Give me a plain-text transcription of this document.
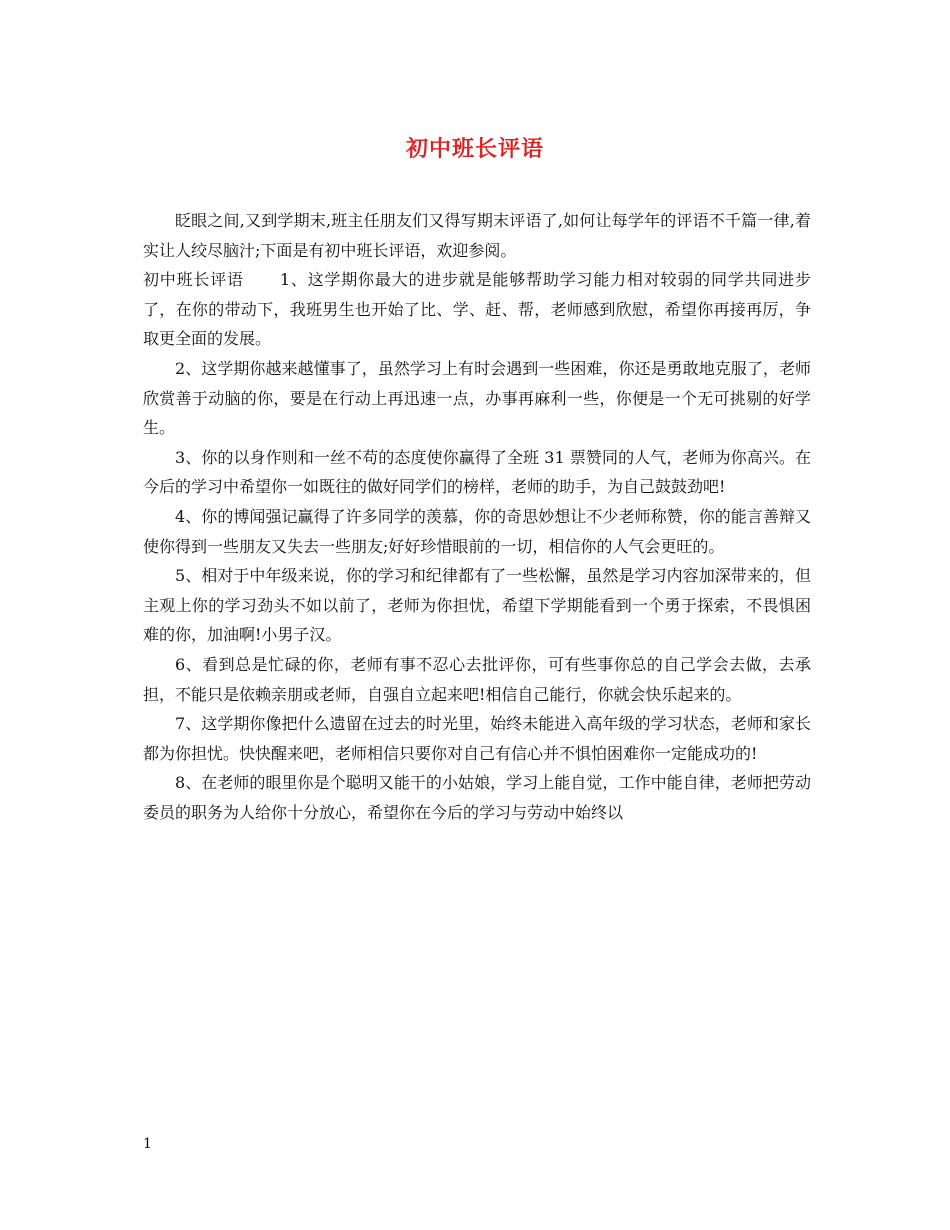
初中班长评语

眨眼之间,又到学期末,班主任朋友们又得写期末评语了,如何让每学年的评语不千篇一律,着实让人绞尽脑汁;下面是有初中班长评语，欢迎参阅。

初中班长评语 1、这学期你最大的进步就是能够帮助学习能力相对较弱的同学共同进步了，在你的带动下，我班男生也开始了比、学、赶、帮，老师感到欣慰，希望你再接再厉，争取更全面的发展。

2、这学期你越来越懂事了，虽然学习上有时会遇到一些困难，你还是勇敢地克服了，老师欣赏善于动脑的你，要是在行动上再迅速一点，办事再麻利一些，你便是一个无可挑剔的好学生。

3、你的以身作则和一丝不苟的态度使你赢得了全班 31 票赞同的人气，老师为你高兴。在今后的学习中希望你一如既往的做好同学们的榜样，老师的助手，为自己鼓鼓劲吧!

4、你的博闻强记赢得了许多同学的羡慕，你的奇思妙想让不少老师称赞，你的能言善辩又使你得到一些朋友又失去一些朋友;好好珍惜眼前的一切，相信你的人气会更旺的。

5、相对于中年级来说，你的学习和纪律都有了一些松懈，虽然是学习内容加深带来的，但主观上你的学习劲头不如以前了，老师为你担忧，希望下学期能看到一个勇于探索，不畏惧困难的你，加油啊!小男子汉。

6、看到总是忙碌的你，老师有事不忍心去批评你，可有些事你总的自己学会去做，去承担，不能只是依赖亲朋或老师，自强自立起来吧!相信自己能行，你就会快乐起来的。

7、这学期你像把什么遗留在过去的时光里，始终未能进入高年级的学习状态，老师和家长都为你担忧。快快醒来吧，老师相信只要你对自己有信心并不惧怕困难你一定能成功的!

8、在老师的眼里你是个聪明又能干的小姑娘，学习上能自觉，工作中能自律，老师把劳动委员的职务为人给你十分放心，希望你在今后的学习与劳动中始终以

1
